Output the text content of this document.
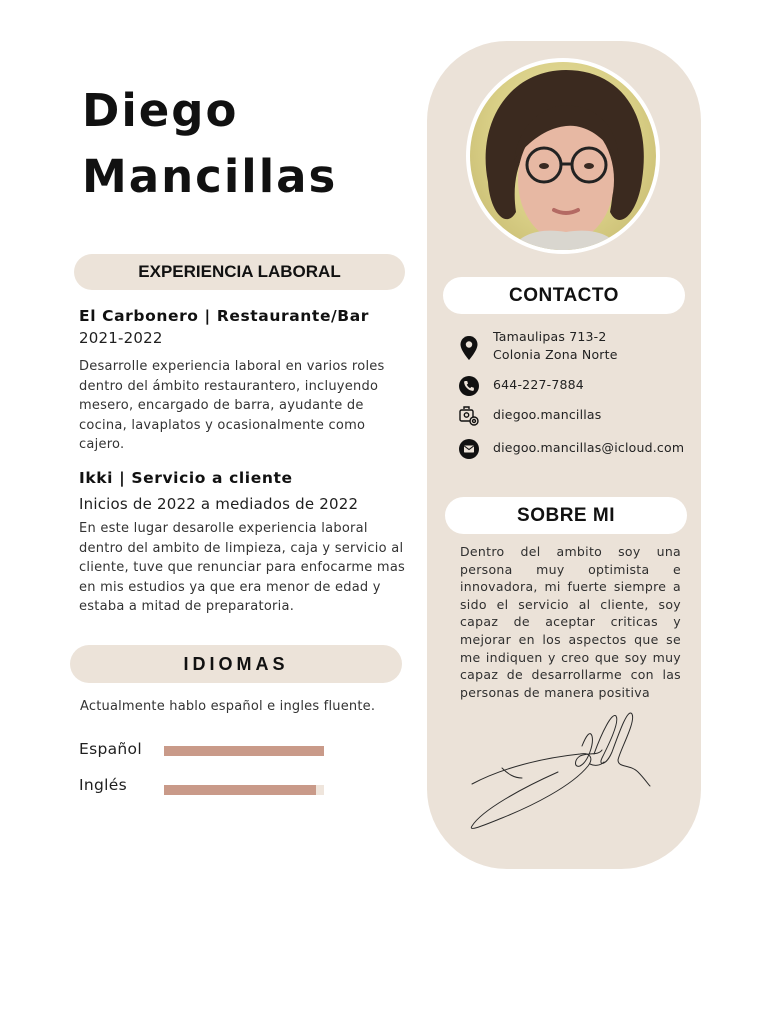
Diego
Mancillas
EXPERIENCIA LABORAL
El Carbonero | Restaurante/Bar
2021-2022
Desarrolle experiencia laboral en varios roles dentro del ámbito restaurantero, incluyendo mesero, encargado de barra, ayudante de cocina, lavaplatos y ocasionalmente como cajero.
Ikki | Servicio a cliente
Inicios de 2022 a mediados de 2022
En este lugar desarolle experiencia laboral dentro del ambito de limpieza, caja y servicio al cliente, tuve que renunciar para enfocarme mas en mis estudios ya que era menor de edad y estaba a mitad de preparatoria.
IDIOMAS
Actualmente hablo español e ingles fluente.
Español
Inglés
CONTACTO
Tamaulipas 713-2
Colonia Zona Norte
644-227-7884
diegoo.mancillas
diegoo.mancillas@icloud.com
SOBRE MI
Dentro del ambito soy una persona muy optimista e innovadora, mi fuerte siempre a sido el servicio al cliente, soy capaz de aceptar criticas y mejorar en los aspectos que se me indiquen y creo que soy muy capaz de desarrollarme con las personas de manera positiva
